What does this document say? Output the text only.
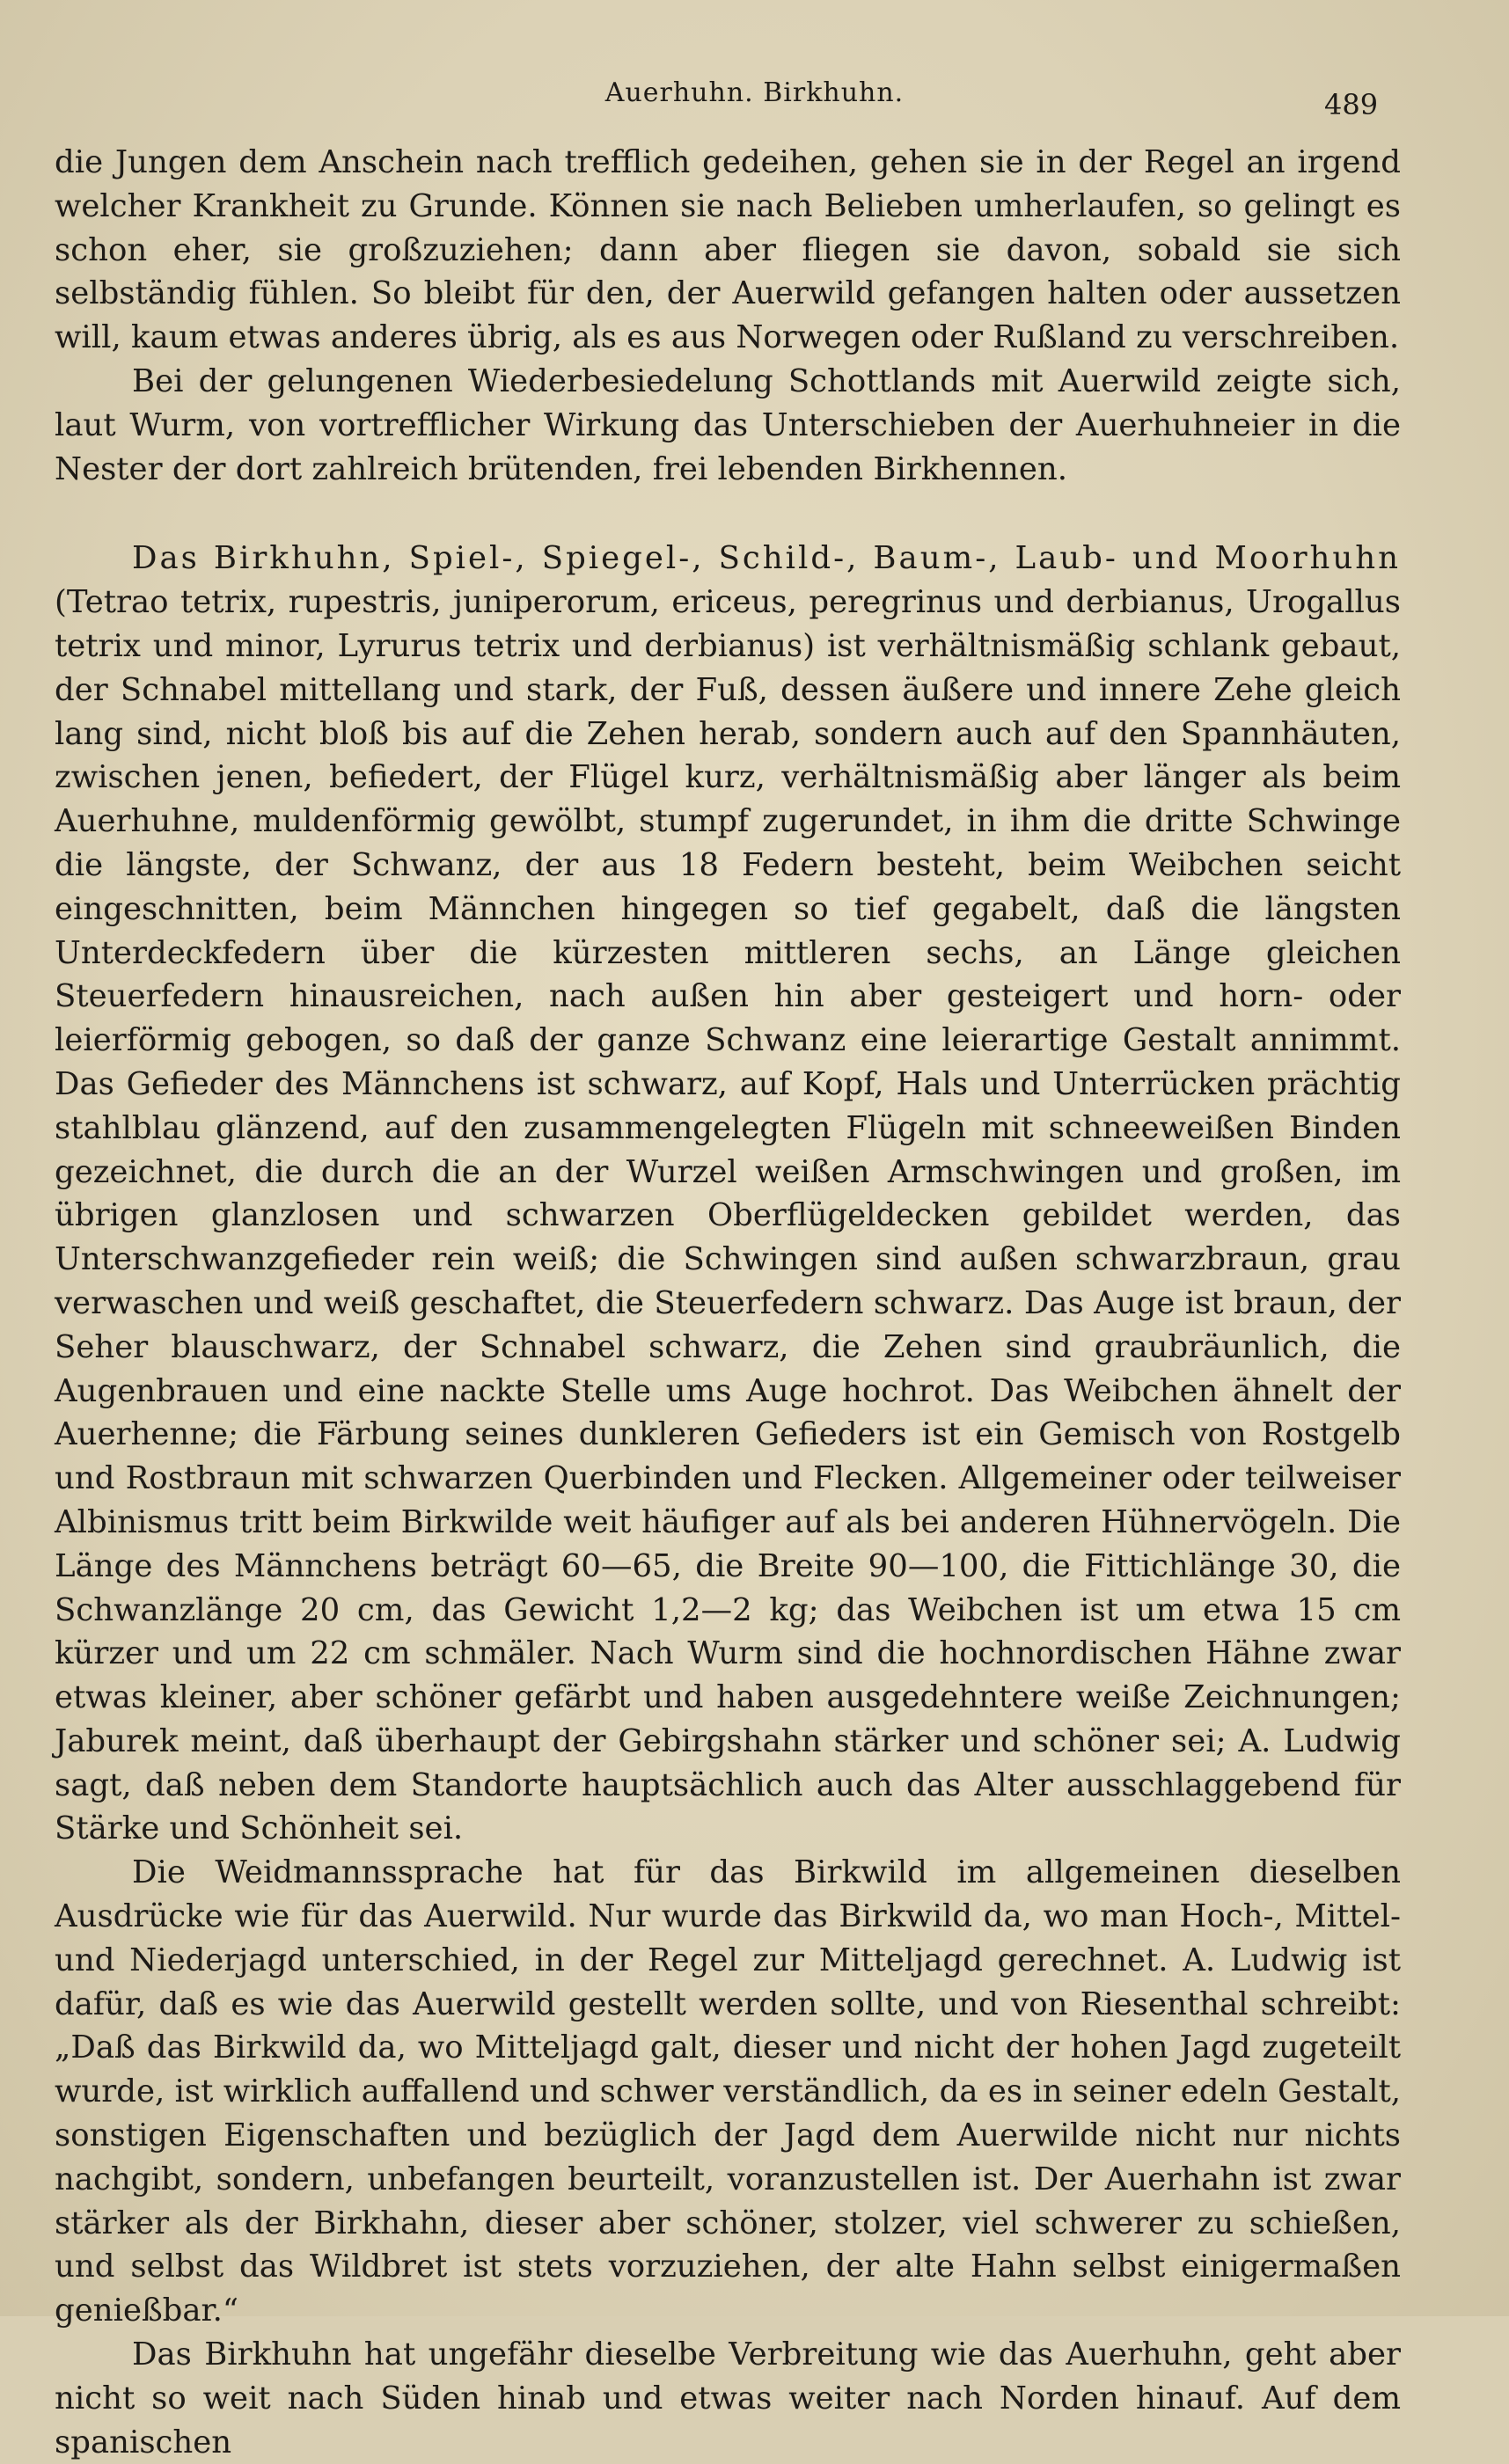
Auerhuhn. Birkhuhn.	489

die Jungen dem Anschein nach trefflich gedeihen, gehen sie in der Regel an irgend welcher Krankheit zu Grunde. Können sie nach Belieben umherlaufen, so gelingt es schon eher, sie großzuziehen; dann aber fliegen sie davon, sobald sie sich selbständig fühlen. So bleibt für den, der Auerwild gefangen halten oder aussetzen will, kaum etwas anderes übrig, als es aus Norwegen oder Rußland zu verschreiben.

Bei der gelungenen Wiederbesiedelung Schottlands mit Auerwild zeigte sich, laut Wurm, von vortrefflicher Wirkung das Unterschieben der Auerhuhneier in die Nester der dort zahlreich brütenden, frei lebenden Birkhennen.

Das Birkhuhn, Spiel-, Spiegel-, Schild-, Baum-, Laub- und Moorhuhn (Tetrao tetrix, rupestris, juniperorum, ericeus, peregrinus und derbianus, Urogallus tetrix und minor, Lyrurus tetrix und derbianus) ist verhältnismäßig schlank gebaut, der Schnabel mittellang und stark, der Fuß, dessen äußere und innere Zehe gleich lang sind, nicht bloß bis auf die Zehen herab, sondern auch auf den Spannhäuten, zwischen jenen, befiedert, der Flügel kurz, verhältnismäßig aber länger als beim Auerhuhne, muldenförmig gewölbt, stumpf zugerundet, in ihm die dritte Schwinge die längste, der Schwanz, der aus 18 Federn besteht, beim Weibchen seicht eingeschnitten, beim Männchen hingegen so tief gegabelt, daß die längsten Unterdeckfedern über die kürzesten mittleren sechs, an Länge gleichen Steuerfedern hinausreichen, nach außen hin aber gesteigert und horn- oder leierförmig gebogen, so daß der ganze Schwanz eine leierartige Gestalt annimmt. Das Gefieder des Männchens ist schwarz, auf Kopf, Hals und Unterrücken prächtig stahlblau glänzend, auf den zusammengelegten Flügeln mit schneeweißen Binden gezeichnet, die durch die an der Wurzel weißen Armschwingen und großen, im übrigen glanzlosen und schwarzen Oberflügeldecken gebildet werden, das Unterschwanzgefieder rein weiß; die Schwingen sind außen schwarzbraun, grau verwaschen und weiß geschaftet, die Steuerfedern schwarz. Das Auge ist braun, der Seher blauschwarz, der Schnabel schwarz, die Zehen sind graubräunlich, die Augenbrauen und eine nackte Stelle ums Auge hochrot. Das Weibchen ähnelt der Auerhenne; die Färbung seines dunkleren Gefieders ist ein Gemisch von Rostgelb und Rostbraun mit schwarzen Querbinden und Flecken. Allgemeiner oder teilweiser Albinismus tritt beim Birkwilde weit häufiger auf als bei anderen Hühnervögeln. Die Länge des Männchens beträgt 60—65, die Breite 90—100, die Fittichlänge 30, die Schwanzlänge 20 cm, das Gewicht 1,2—2 kg; das Weibchen ist um etwa 15 cm kürzer und um 22 cm schmäler. Nach Wurm sind die hochnordischen Hähne zwar etwas kleiner, aber schöner gefärbt und haben ausgedehntere weiße Zeichnungen; Jaburek meint, daß überhaupt der Gebirgshahn stärker und schöner sei; A. Ludwig sagt, daß neben dem Standorte hauptsächlich auch das Alter ausschlaggebend für Stärke und Schönheit sei.

Die Weidmannssprache hat für das Birkwild im allgemeinen dieselben Ausdrücke wie für das Auerwild. Nur wurde das Birkwild da, wo man Hoch-, Mittel- und Niederjagd unterschied, in der Regel zur Mitteljagd gerechnet. A. Ludwig ist dafür, daß es wie das Auerwild gestellt werden sollte, und von Riesenthal schreibt: „Daß das Birkwild da, wo Mitteljagd galt, dieser und nicht der hohen Jagd zugeteilt wurde, ist wirklich auffallend und schwer verständlich, da es in seiner edeln Gestalt, sonstigen Eigenschaften und bezüglich der Jagd dem Auerwilde nicht nur nichts nachgibt, sondern, unbefangen beurteilt, voranzustellen ist. Der Auerhahn ist zwar stärker als der Birkhahn, dieser aber schöner, stolzer, viel schwerer zu schießen, und selbst das Wildbret ist stets vorzuziehen, der alte Hahn selbst einigermaßen genießbar.“

Das Birkhuhn hat ungefähr dieselbe Verbreitung wie das Auerhuhn, geht aber nicht so weit nach Süden hinab und etwas weiter nach Norden hinauf. Auf dem spanischen
